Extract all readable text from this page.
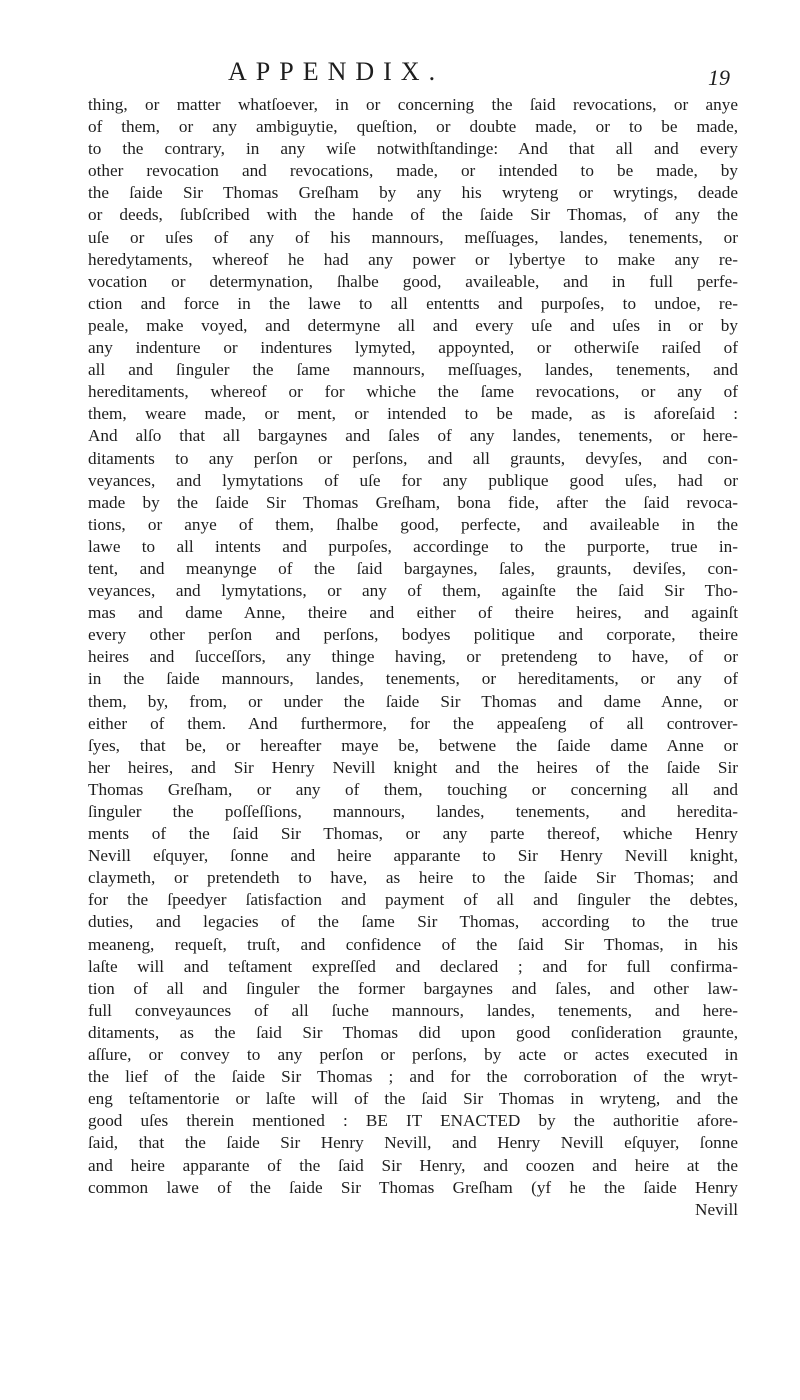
APPENDIX.	19
thing, or matter whatſoever, in or concerning the ſaid revocations, or anye
of them, or any ambiguytie, queſtion, or doubte made, or to be made,
to the contrary, in any wiſe notwithſtandinge: And that all and every
other revocation and revocations, made, or intended to be made, by
the ſaide Sir Thomas Greſham by any his wryteng or wrytings, deade
or deeds, ſubſcribed with the hande of the ſaide Sir Thomas, of any the
uſe or uſes of any of his mannours, meſſuages, landes, tenements, or
heredytaments, whereof he had any power or lybertye to make any re-
vocation or determynation, ſhalbe good, availeable, and in full perfe-
ction and force in the lawe to all ententts and purpoſes, to undoe, re-
peale, make voyed, and determyne all and every uſe and uſes in or by
any indenture or indentures lymyted, appoynted, or otherwiſe raiſed of
all and ſinguler the ſame mannours, meſſuages, landes, tenements, and
hereditaments, whereof or for whiche the ſame revocations, or any of
them, weare made, or ment, or intended to be made, as is aforeſaid :
And alſo that all bargaynes and ſales of any landes, tenements, or here-
ditaments to any perſon or perſons, and all graunts, devyſes, and con-
veyances, and lymytations of uſe for any publique good uſes, had or
made by the ſaide Sir Thomas Greſham, bona fide, after the ſaid revoca-
tions, or anye of them, ſhalbe good, perfecte, and availeable in the
lawe to all intents and purpoſes, accordinge to the purporte, true in-
tent, and meanynge of the ſaid bargaynes, ſales, graunts, deviſes, con-
veyances, and lymytations, or any of them, againſte the ſaid Sir Tho-
mas and dame Anne, theire and either of theire heires, and againſt
every other perſon and perſons, bodyes politique and corporate, theire
heires and ſucceſſors, any thinge having, or pretendeng to have, of or
in the ſaide mannours, landes, tenements, or hereditaments, or any of
them, by, from, or under the ſaide Sir Thomas and dame Anne, or
either of them. And furthermore, for the appeaſeng of all controver-
ſyes, that be, or hereafter maye be, betwene the ſaide dame Anne or
her heires, and Sir Henry Nevill knight and the heires of the ſaide Sir
Thomas Greſham, or any of them, touching or concerning all and
ſinguler the poſſeſſions, mannours, landes, tenements, and heredita-
ments of the ſaid Sir Thomas, or any parte thereof, whiche Henry
Nevill eſquyer, ſonne and heire apparante to Sir Henry Nevill knight,
claymeth, or pretendeth to have, as heire to the ſaide Sir Thomas; and
for the ſpeedyer ſatisfaction and payment of all and ſinguler the debtes,
duties, and legacies of the ſame Sir Thomas, according to the true
meaneng, requeſt, truſt, and confidence of the ſaid Sir Thomas, in his
laſte will and teſtament expreſſed and declared ; and for full confirma-
tion of all and ſinguler the former bargaynes and ſales, and other law-
full conveyaunces of all ſuche mannours, landes, tenements, and here-
ditaments, as the ſaid Sir Thomas did upon good conſideration graunte,
aſſure, or convey to any perſon or perſons, by acte or actes executed in
the lief of the ſaide Sir Thomas ; and for the corroboration of the wryt-
eng teſtamentorie or laſte will of the ſaid Sir Thomas in wryteng, and the
good uſes therein mentioned : BE IT ENACTED by the authoritie afore-
ſaid, that the ſaide Sir Henry Nevill, and Henry Nevill eſquyer, ſonne
and heire apparante of the ſaid Sir Henry, and coozen and heire at the
common lawe of the ſaide Sir Thomas Greſham (yf he the ſaide Henry
Nevill
